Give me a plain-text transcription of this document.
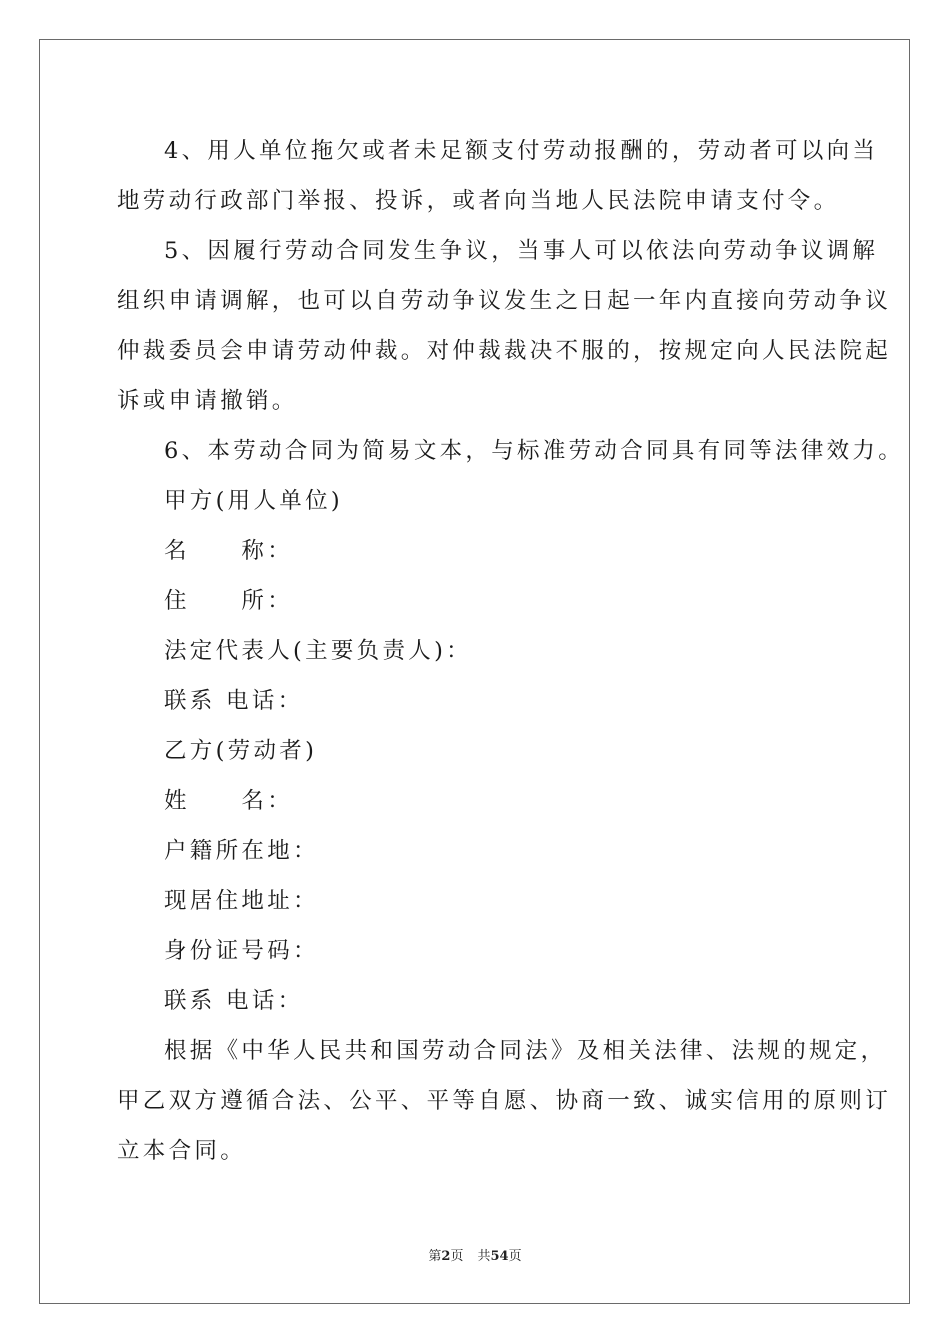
4、用人单位拖欠或者未足额支付劳动报酬的，劳动者可以向当
地劳动行政部门举报、投诉，或者向当地人民法院申请支付令。
5、因履行劳动合同发生争议，当事人可以依法向劳动争议调解
组织申请调解，也可以自劳动争议发生之日起一年内直接向劳动争议
仲裁委员会申请劳动仲裁。对仲裁裁决不服的，按规定向人民法院起
诉或申请撤销。
6、本劳动合同为简易文本，与标准劳动合同具有同等法律效力。
甲方(用人单位)
名　　称：
住　　所：
法定代表人(主要负责人)：
联系 电话：
乙方(劳动者)
姓　　名：
户籍所在地：
现居住地址：
身份证号码：
联系 电话：
根据《中华人民共和国劳动合同法》及相关法律、法规的规定，
甲乙双方遵循合法、公平、平等自愿、协商一致、诚实信用的原则订
立本合同。
第2页 共54页
